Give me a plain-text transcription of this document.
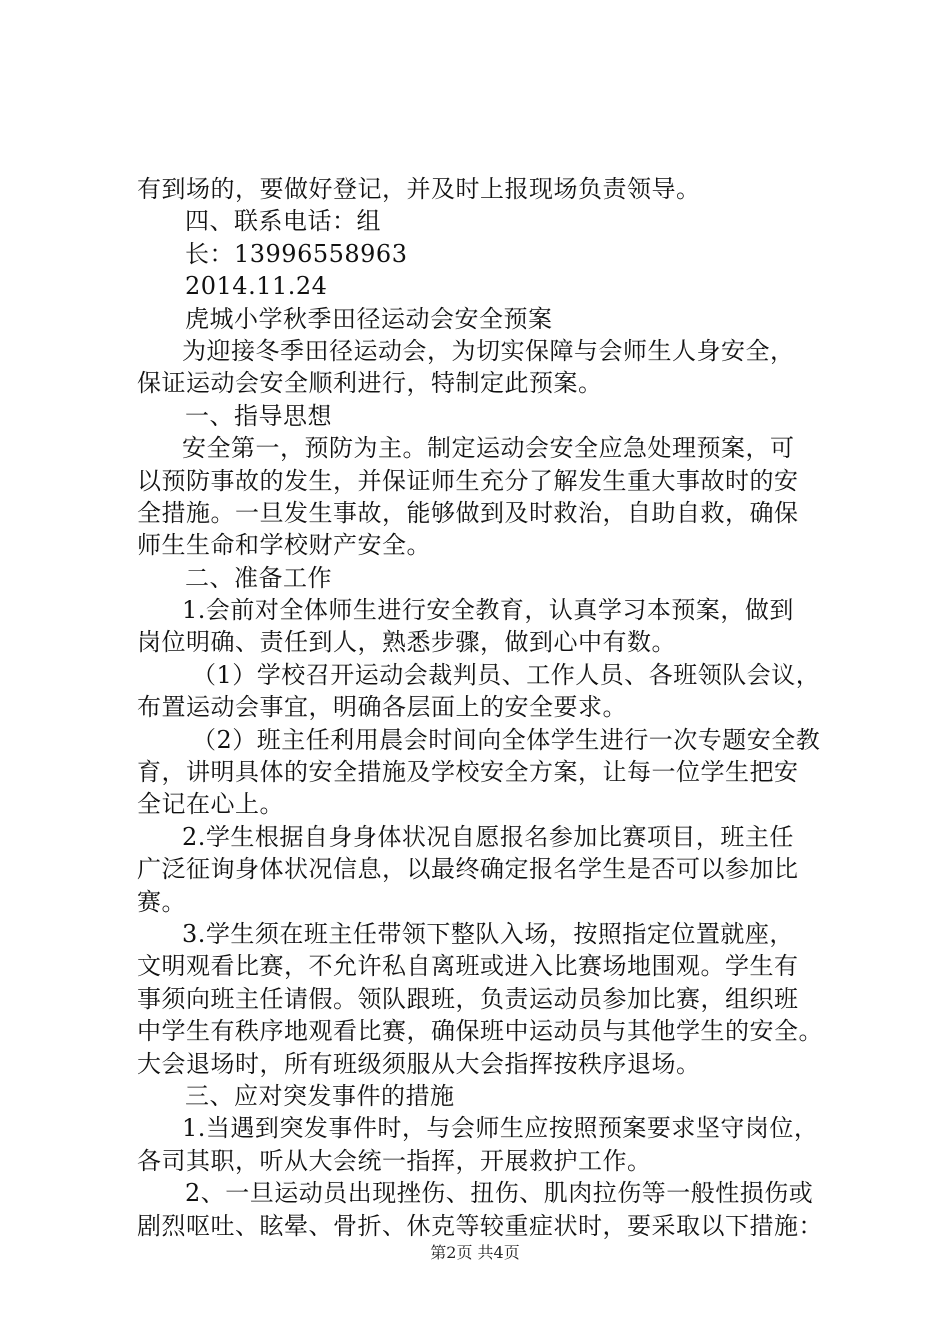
有到场的，要做好登记，并及时上报现场负责领导。
四、联系电话：组
长：13996558963
2014.11.24
虎城小学秋季田径运动会安全预案
为迎接冬季田径运动会，为切实保障与会师生人身安全，
保证运动会安全顺利进行，特制定此预案。
一、指导思想
安全第一，预防为主。制定运动会安全应急处理预案，可
以预防事故的发生，并保证师生充分了解发生重大事故时的安
全措施。一旦发生事故，能够做到及时救治，自助自救，确保
师生生命和学校财产安全。
二、准备工作
1.会前对全体师生进行安全教育，认真学习本预案，做到
岗位明确、责任到人，熟悉步骤，做到心中有数。
（1）学校召开运动会裁判员、工作人员、各班领队会议，
布置运动会事宜，明确各层面上的安全要求。
（2）班主任利用晨会时间向全体学生进行一次专题安全教
育，讲明具体的安全措施及学校安全方案，让每一位学生把安
全记在心上。
2.学生根据自身身体状况自愿报名参加比赛项目，班主任
广泛征询身体状况信息，以最终确定报名学生是否可以参加比
赛。
3.学生须在班主任带领下整队入场，按照指定位置就座，
文明观看比赛，不允许私自离班或进入比赛场地围观。学生有
事须向班主任请假。领队跟班，负责运动员参加比赛，组织班
中学生有秩序地观看比赛，确保班中运动员与其他学生的安全。
大会退场时，所有班级须服从大会指挥按秩序退场。
三、应对突发事件的措施
1.当遇到突发事件时，与会师生应按照预案要求坚守岗位，
各司其职，听从大会统一指挥，开展救护工作。
2、一旦运动员出现挫伤、扭伤、肌肉拉伤等一般性损伤或
剧烈呕吐、眩晕、骨折、休克等较重症状时，要采取以下措施：
第2页 共4页
